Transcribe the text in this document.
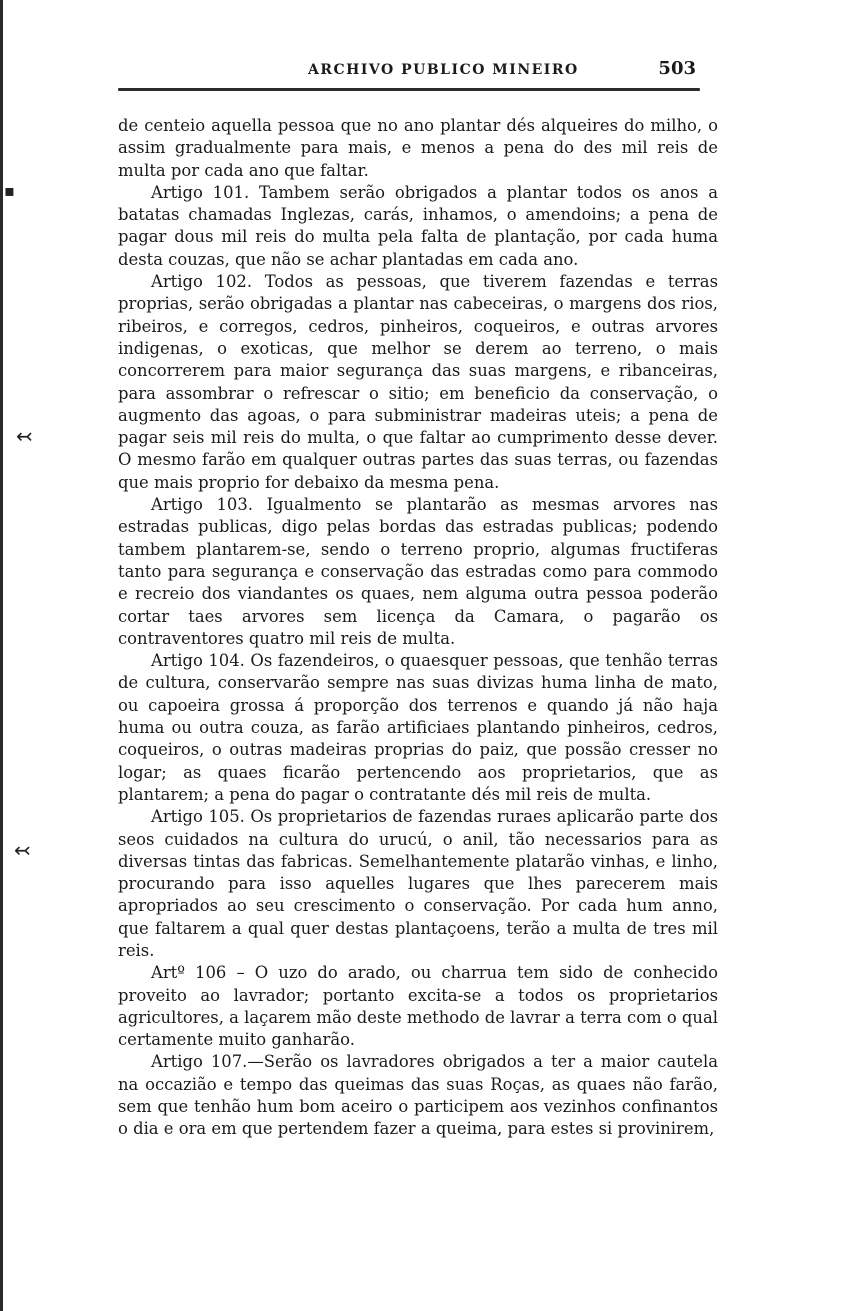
▪
↢
↢
ARCHIVO PUBLICO MINEIRO	503

de centeio aquella pessoa que no ano plantar dés alqueires do milho, o assim gradualmente para mais, e menos a pena do des mil reis de multa por cada ano que faltar.

Artigo 101. Tambem serão obrigados a plantar todos os anos a batatas chamadas Inglezas, carás, inhamos, o amendoins; a pena de pagar dous mil reis do multa pela falta de plantação, por cada huma desta couzas, que não se achar plantadas em cada ano.

Artigo 102. Todos as pessoas, que tiverem fazendas e terras proprias, serão obrigadas a plantar nas cabeceiras, o margens dos rios, ribeiros, e corregos, cedros, pinheiros, coqueiros, e outras arvores indigenas, o exoticas, que melhor se derem ao terreno, o mais concorrerem para maior segurança das suas margens, e ribanceiras, para assombrar o refrescar o sitio; em beneficio da conservação, o augmento das agoas, o para subministrar madeiras uteis; a pena de pagar seis mil reis do multa, o que faltar ao cumprimento desse dever. O mesmo farão em qualquer outras partes das suas terras, ou fazendas que mais proprio for debaixo da mesma pena.

Artigo 103. Igualmento se plantarão as mesmas arvores nas estradas publicas, digo pelas bordas das estradas publicas; podendo tambem plantarem-se, sendo o terreno proprio, algumas fructiferas tanto para segurança e conservação das estradas como para commodo e recreio dos viandantes os quaes, nem alguma outra pessoa poderão cortar taes arvores sem licença da Camara, o pagarão os contraventores quatro mil reis de multa.

Artigo 104. Os fazendeiros, o quaesquer pessoas, que tenhão terras de cultura, conservarão sempre nas suas divizas huma linha de mato, ou capoeira grossa á proporção dos terrenos e quando já não haja huma ou outra couza, as farão artificiaes plantando pinheiros, cedros, coqueiros, o outras madeiras proprias do paiz, que possão cresser no logar; as quaes ficarão pertencendo aos proprietarios, que as plantarem; a pena do pagar o contratante dés mil reis de multa.

Artigo 105. Os proprietarios de fazendas ruraes aplicarão parte dos seos cuidados na cultura do urucú, o anil, tão necessarios para as diversas tintas das fabricas. Semelhantemente platarão vinhas, e linho, procurando para isso aquelles lugares que lhes parecerem mais apropriados ao seu crescimento o conservação. Por cada hum anno, que faltarem a qual quer destas plantaçoens, terão a multa de tres mil reis.

Artº 106 – O uzo do arado, ou charrua tem sido de conhecido proveito ao lavrador; portanto excita-se a todos os proprietarios agricultores, a laçarem mão deste methodo de lavrar a terra com o qual certamente muito ganharão.

Artigo 107.—Serão os lavradores obrigados a ter a maior cautela na occazião e tempo das queimas das suas Roças, as quaes não farão, sem que tenhão hum bom aceiro o participem aos vezinhos confinantos o dia e ora em que pertendem fazer a queima, para estes si provinirem,
